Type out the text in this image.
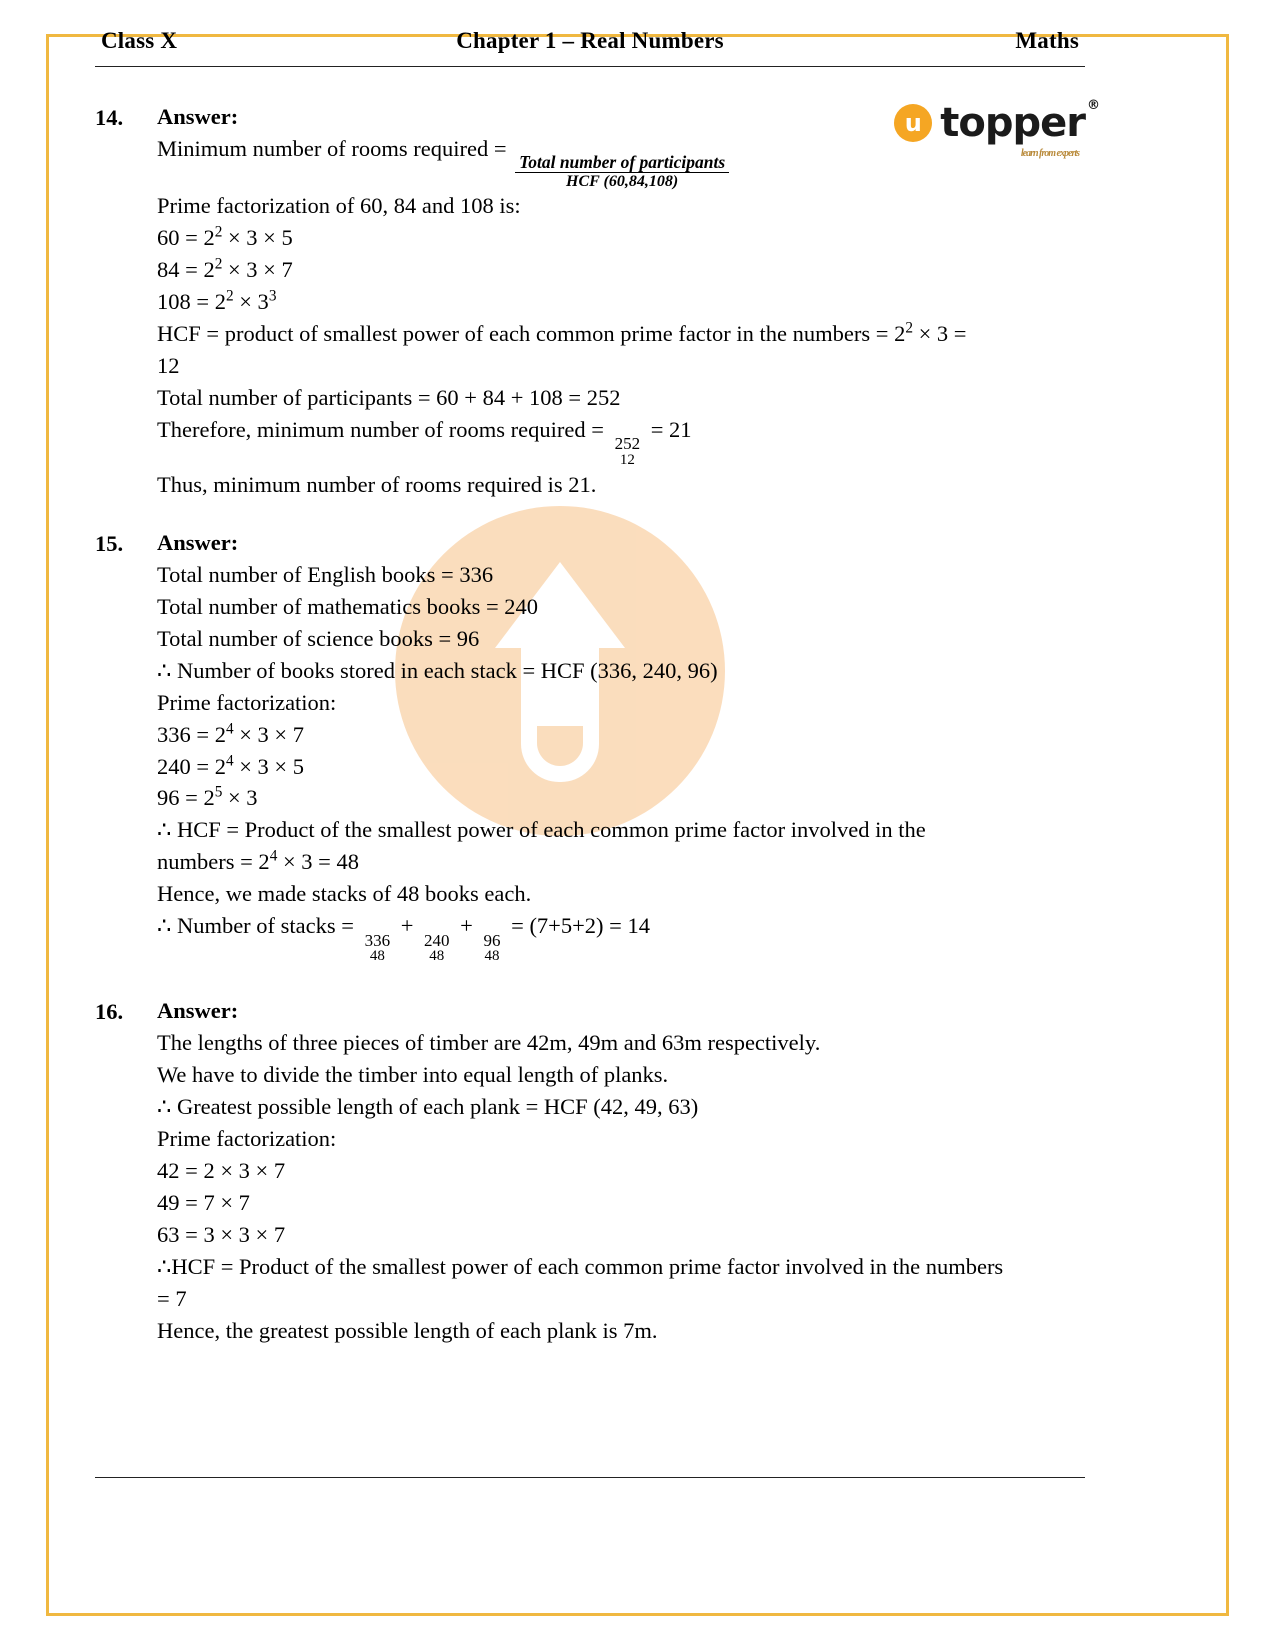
Class X	Chapter 1 – Real Numbers	Maths
u topper ®
learn from experts
14.	Answer:
Minimum number of rooms required =
$\frac{\text{Total number of participants}}{\text{HCF (60,84,108)}}$
Prime factorization of 60, 84 and 108 is:
$60 = 2^2 \times 3 \times 5$
$84 = 2^2 \times 3 \times 7$
$108 = 2^2 \times 3^3$
HCF = product of smallest power of each common prime factor in the numbers = $2^2 \times 3$ =
12
Total number of participants = 60 + 84 + 108 = 252
Therefore, minimum number of rooms required =
252
12
= 21
Thus, minimum number of rooms required is 21.
15.	Answer:
Total number of English books = 336
Total number of mathematics books = 240
Total number of science books = 96
∴ Number of books stored in each stack = HCF (336, 240, 96)
Prime factorization:
$336 = 2^4 \times 3 \times 7$
$240 = 2^4 \times 3 \times 5$
$96 = 2^5 \times 3$
∴ HCF = Product of the smallest power of each common prime factor involved in the
numbers = $2^4 \times 3 = 48$
Hence, we made stacks of 48 books each.
∴ Number of stacks =
336
48
+
240
48
+
96
48
= (7+5+2) = 14
16.	Answer:
The lengths of three pieces of timber are 42m, 49m and 63m respectively.
We have to divide the timber into equal length of planks.
∴ Greatest possible length of each plank = HCF (42, 49, 63)
Prime factorization:
42 = 2 × 3 × 7
49 = 7 × 7
63 = 3 × 3 × 7
∴HCF = Product of the smallest power of each common prime factor involved in the numbers
= 7
Hence, the greatest possible length of each plank is 7m.
